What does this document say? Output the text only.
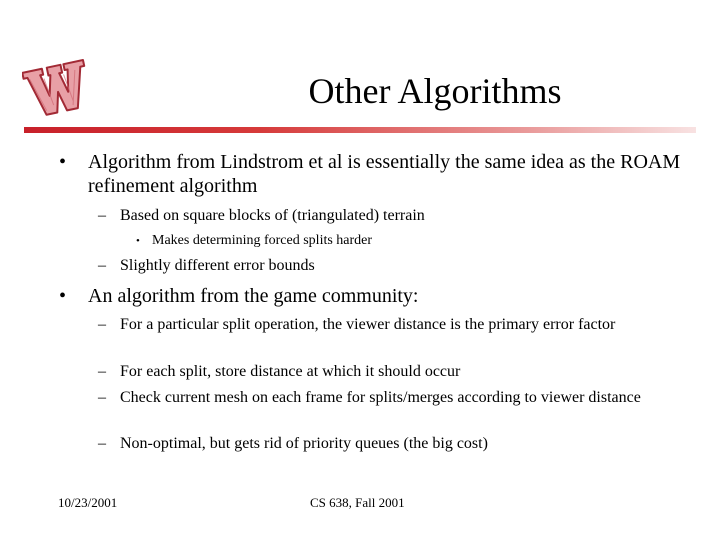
Other Algorithms
• Algorithm from Lindstrom et al is essentially the same idea as the ROAM refinement algorithm
– Based on square blocks of (triangulated) terrain
• Makes determining forced splits harder
– Slightly different error bounds
• An algorithm from the game community:
– For a particular split operation, the viewer distance is the primary error factor
– For each split, store distance at which it should occur
– Check current mesh on each frame for splits/merges according to viewer distance
– Non-optimal, but gets rid of priority queues (the big cost)
10/23/2001	CS 638, Fall 2001
